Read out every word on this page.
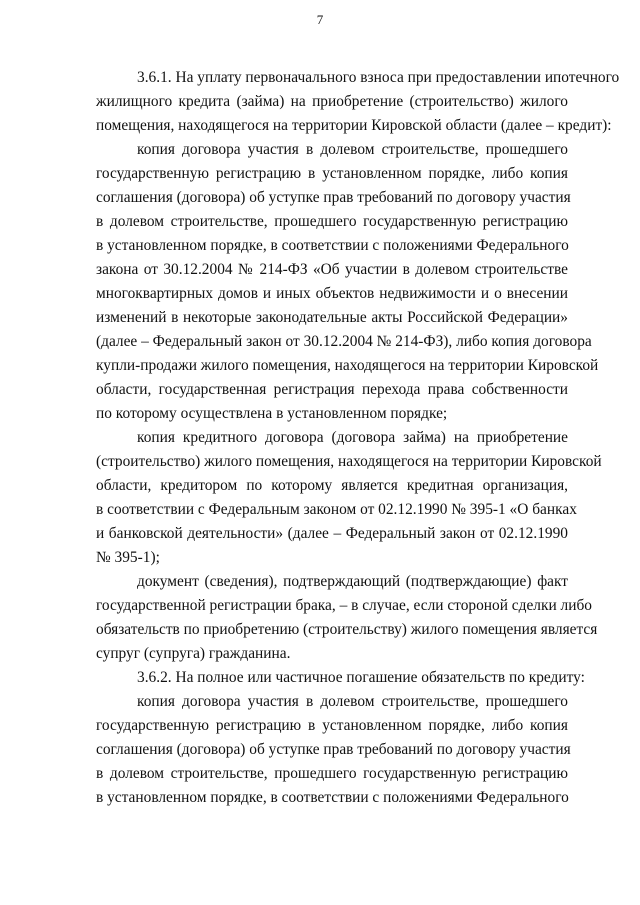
7
3.6.1. На уплату первоначального взноса при предоставлении ипотечного
жилищного кредита (займа) на приобретение (строительство) жилого
помещения, находящегося на территории Кировской области (далее – кредит):
копия договора участия в долевом строительстве, прошедшего
государственную регистрацию в установленном порядке, либо копия
соглашения (договора) об уступке прав требований по договору участия
в долевом строительстве, прошедшего государственную регистрацию
в установленном порядке, в соответствии с положениями Федерального
закона от 30.12.2004 № 214-ФЗ «Об участии в долевом строительстве
многоквартирных домов и иных объектов недвижимости и о внесении
изменений в некоторые законодательные акты Российской Федерации»
(далее – Федеральный закон от 30.12.2004 № 214-ФЗ), либо копия договора
купли-продажи жилого помещения, находящегося на территории Кировской
области, государственная регистрация перехода права собственности
по которому осуществлена в установленном порядке;
копия кредитного договора (договора займа) на приобретение
(строительство) жилого помещения, находящегося на территории Кировской
области, кредитором по которому является кредитная организация,
в соответствии с Федеральным законом от 02.12.1990 № 395-1 «О банках
и банковской деятельности» (далее – Федеральный закон от 02.12.1990
№ 395-1);
документ (сведения), подтверждающий (подтверждающие) факт
государственной регистрации брака, – в случае, если стороной сделки либо
обязательств по приобретению (строительству) жилого помещения является
супруг (супруга) гражданина.
3.6.2. На полное или частичное погашение обязательств по кредиту:
копия договора участия в долевом строительстве, прошедшего
государственную регистрацию в установленном порядке, либо копия
соглашения (договора) об уступке прав требований по договору участия
в долевом строительстве, прошедшего государственную регистрацию
в установленном порядке, в соответствии с положениями Федерального
